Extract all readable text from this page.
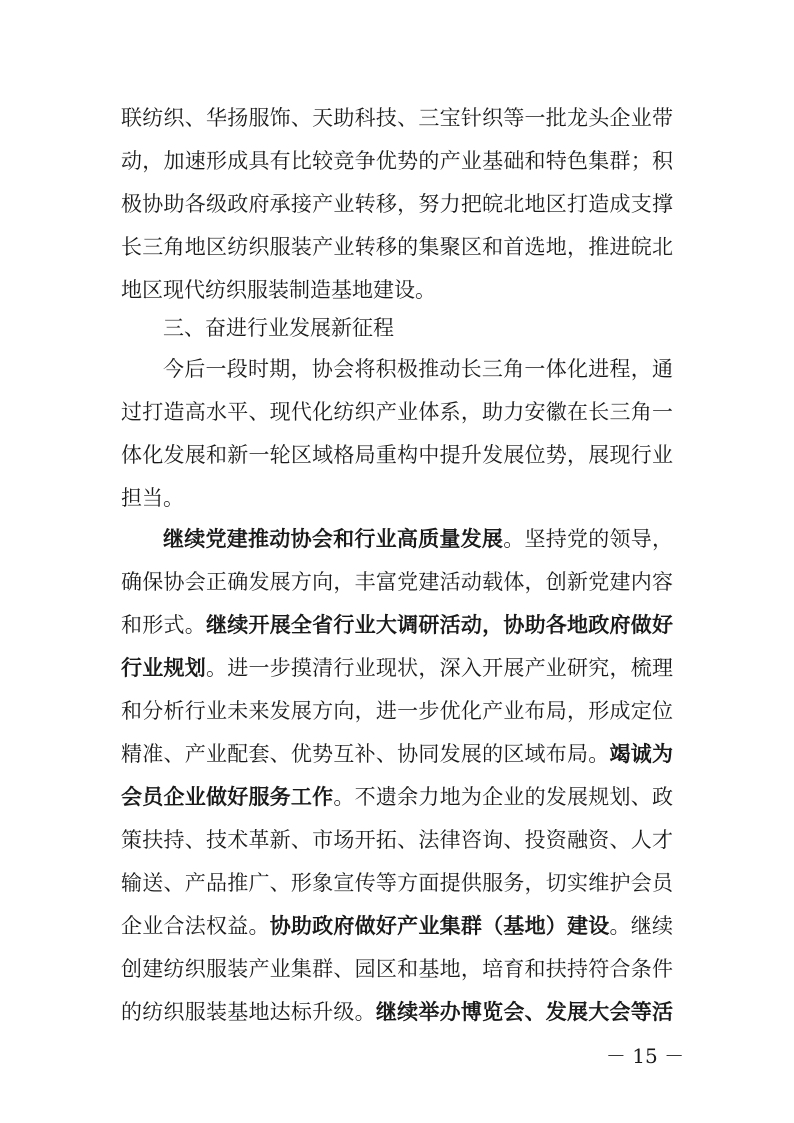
联纺织、华扬服饰、天助科技、三宝针织等一批龙头企业带
动，加速形成具有比较竞争优势的产业基础和特色集群；积
极协助各级政府承接产业转移，努力把皖北地区打造成支撑
长三角地区纺织服装产业转移的集聚区和首选地，推进皖北
地区现代纺织服装制造基地建设。
三、奋进行业发展新征程
今后一段时期，协会将积极推动长三角一体化进程，通
过打造高水平、现代化纺织产业体系，助力安徽在长三角一
体化发展和新一轮区域格局重构中提升发展位势，展现行业
担当。
继续党建推动协会和行业高质量发展。坚持党的领导，
确保协会正确发展方向，丰富党建活动载体，创新党建内容
和形式。继续开展全省行业大调研活动，协助各地政府做好
行业规划。进一步摸清行业现状，深入开展产业研究，梳理
和分析行业未来发展方向，进一步优化产业布局，形成定位
精准、产业配套、优势互补、协同发展的区域布局。竭诚为
会员企业做好服务工作。不遗余力地为企业的发展规划、政
策扶持、技术革新、市场开拓、法律咨询、投资融资、人才
输送、产品推广、形象宣传等方面提供服务，切实维护会员
企业合法权益。协助政府做好产业集群（基地）建设。继续
创建纺织服装产业集群、园区和基地，培育和扶持符合条件
的纺织服装基地达标升级。继续举办博览会、发展大会等活
－ 15 －
